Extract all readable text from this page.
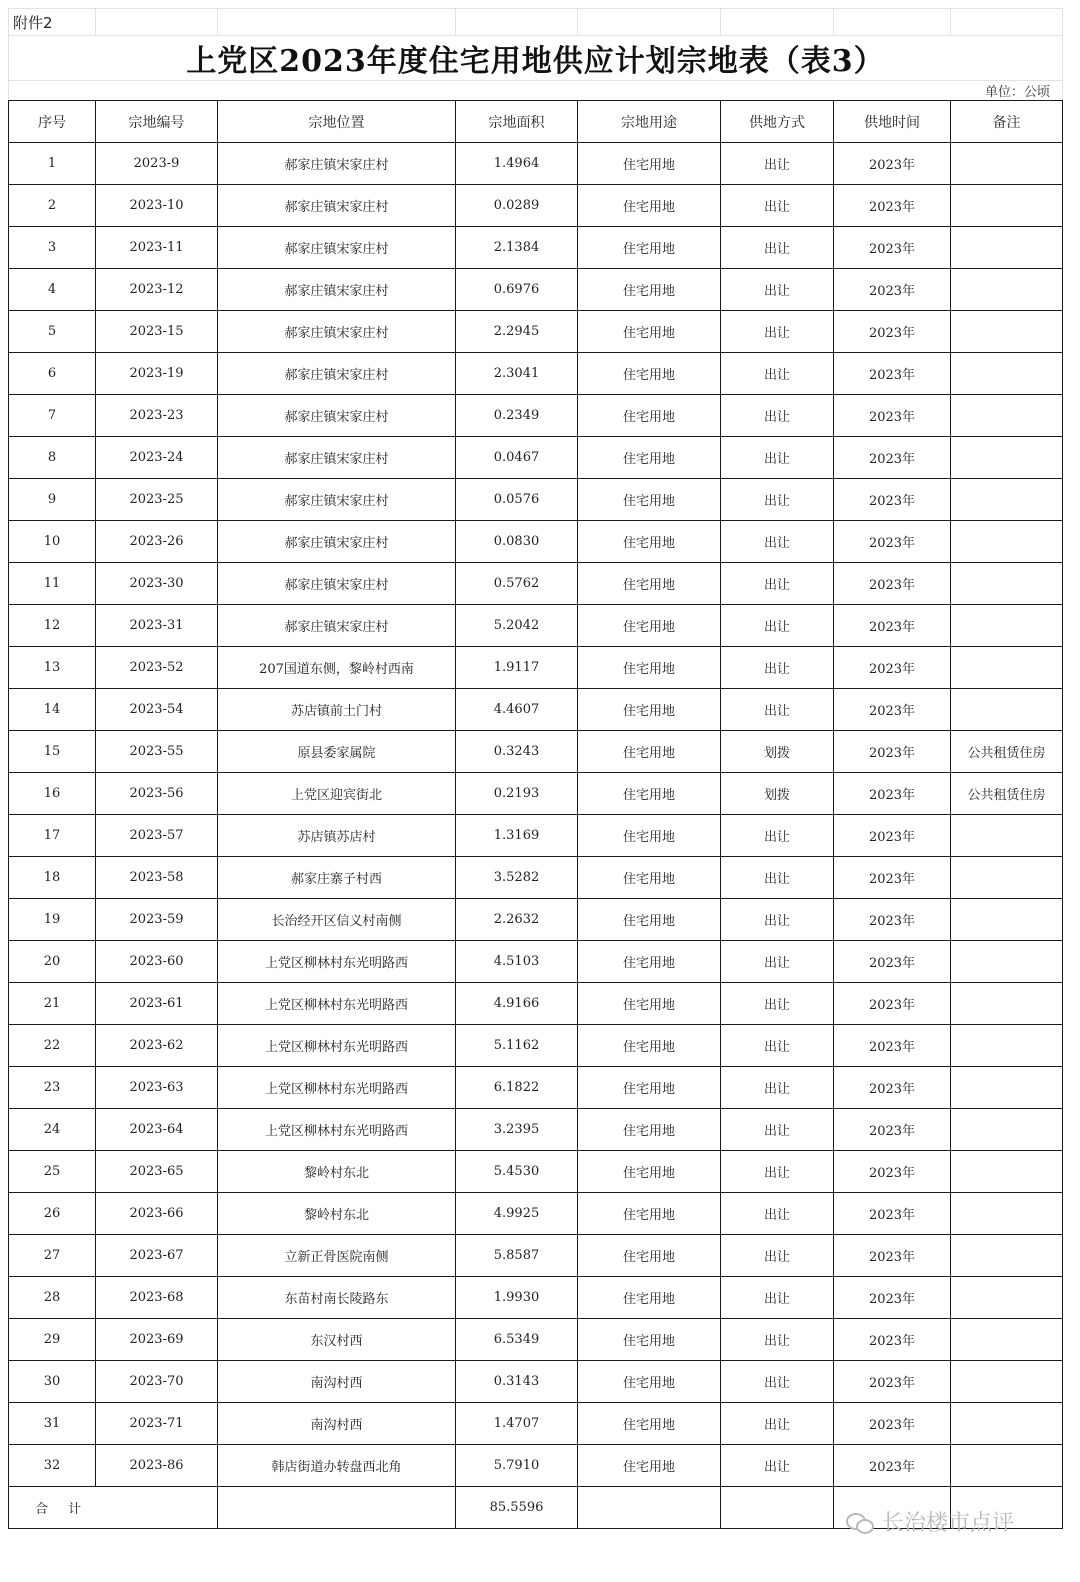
附件2							
上党区2023年度住宅用地供应计划宗地表（表3）
单位：公顷
序号	宗地编号	宗地位置	宗地面积	宗地用途	供地方式	供地时间	备注
1	2023-9	郝家庄镇宋家庄村	1.4964	住宅用地	出让	2023年	
2	2023-10	郝家庄镇宋家庄村	0.0289	住宅用地	出让	2023年	
3	2023-11	郝家庄镇宋家庄村	2.1384	住宅用地	出让	2023年	
4	2023-12	郝家庄镇宋家庄村	0.6976	住宅用地	出让	2023年	
5	2023-15	郝家庄镇宋家庄村	2.2945	住宅用地	出让	2023年	
6	2023-19	郝家庄镇宋家庄村	2.3041	住宅用地	出让	2023年	
7	2023-23	郝家庄镇宋家庄村	0.2349	住宅用地	出让	2023年	
8	2023-24	郝家庄镇宋家庄村	0.0467	住宅用地	出让	2023年	
9	2023-25	郝家庄镇宋家庄村	0.0576	住宅用地	出让	2023年	
10	2023-26	郝家庄镇宋家庄村	0.0830	住宅用地	出让	2023年	
11	2023-30	郝家庄镇宋家庄村	0.5762	住宅用地	出让	2023年	
12	2023-31	郝家庄镇宋家庄村	5.2042	住宅用地	出让	2023年	
13	2023-52	207国道东侧，黎岭村西南	1.9117	住宅用地	出让	2023年	
14	2023-54	苏店镇前土门村	4.4607	住宅用地	出让	2023年	
15	2023-55	原县委家属院	0.3243	住宅用地	划拨	2023年	公共租赁住房
16	2023-56	上党区迎宾街北	0.2193	住宅用地	划拨	2023年	公共租赁住房
17	2023-57	苏店镇苏店村	1.3169	住宅用地	出让	2023年	
18	2023-58	郝家庄寨子村西	3.5282	住宅用地	出让	2023年	
19	2023-59	长治经开区信义村南侧	2.2632	住宅用地	出让	2023年	
20	2023-60	上党区柳林村东光明路西	4.5103	住宅用地	出让	2023年	
21	2023-61	上党区柳林村东光明路西	4.9166	住宅用地	出让	2023年	
22	2023-62	上党区柳林村东光明路西	5.1162	住宅用地	出让	2023年	
23	2023-63	上党区柳林村东光明路西	6.1822	住宅用地	出让	2023年	
24	2023-64	上党区柳林村东光明路西	3.2395	住宅用地	出让	2023年	
25	2023-65	黎岭村东北	5.4530	住宅用地	出让	2023年	
26	2023-66	黎岭村东北	4.9925	住宅用地	出让	2023年	
27	2023-67	立新正骨医院南侧	5.8587	住宅用地	出让	2023年	
28	2023-68	东苗村南长陵路东	1.9930	住宅用地	出让	2023年	
29	2023-69	东汉村西	6.5349	住宅用地	出让	2023年	
30	2023-70	南沟村西	0.3143	住宅用地	出让	2023年	
31	2023-71	南沟村西	1.4707	住宅用地	出让	2023年	
32	2023-86	韩店街道办转盘西北角	5.7910	住宅用地	出让	2023年	
合 计			85.5596				
长治楼市点评
